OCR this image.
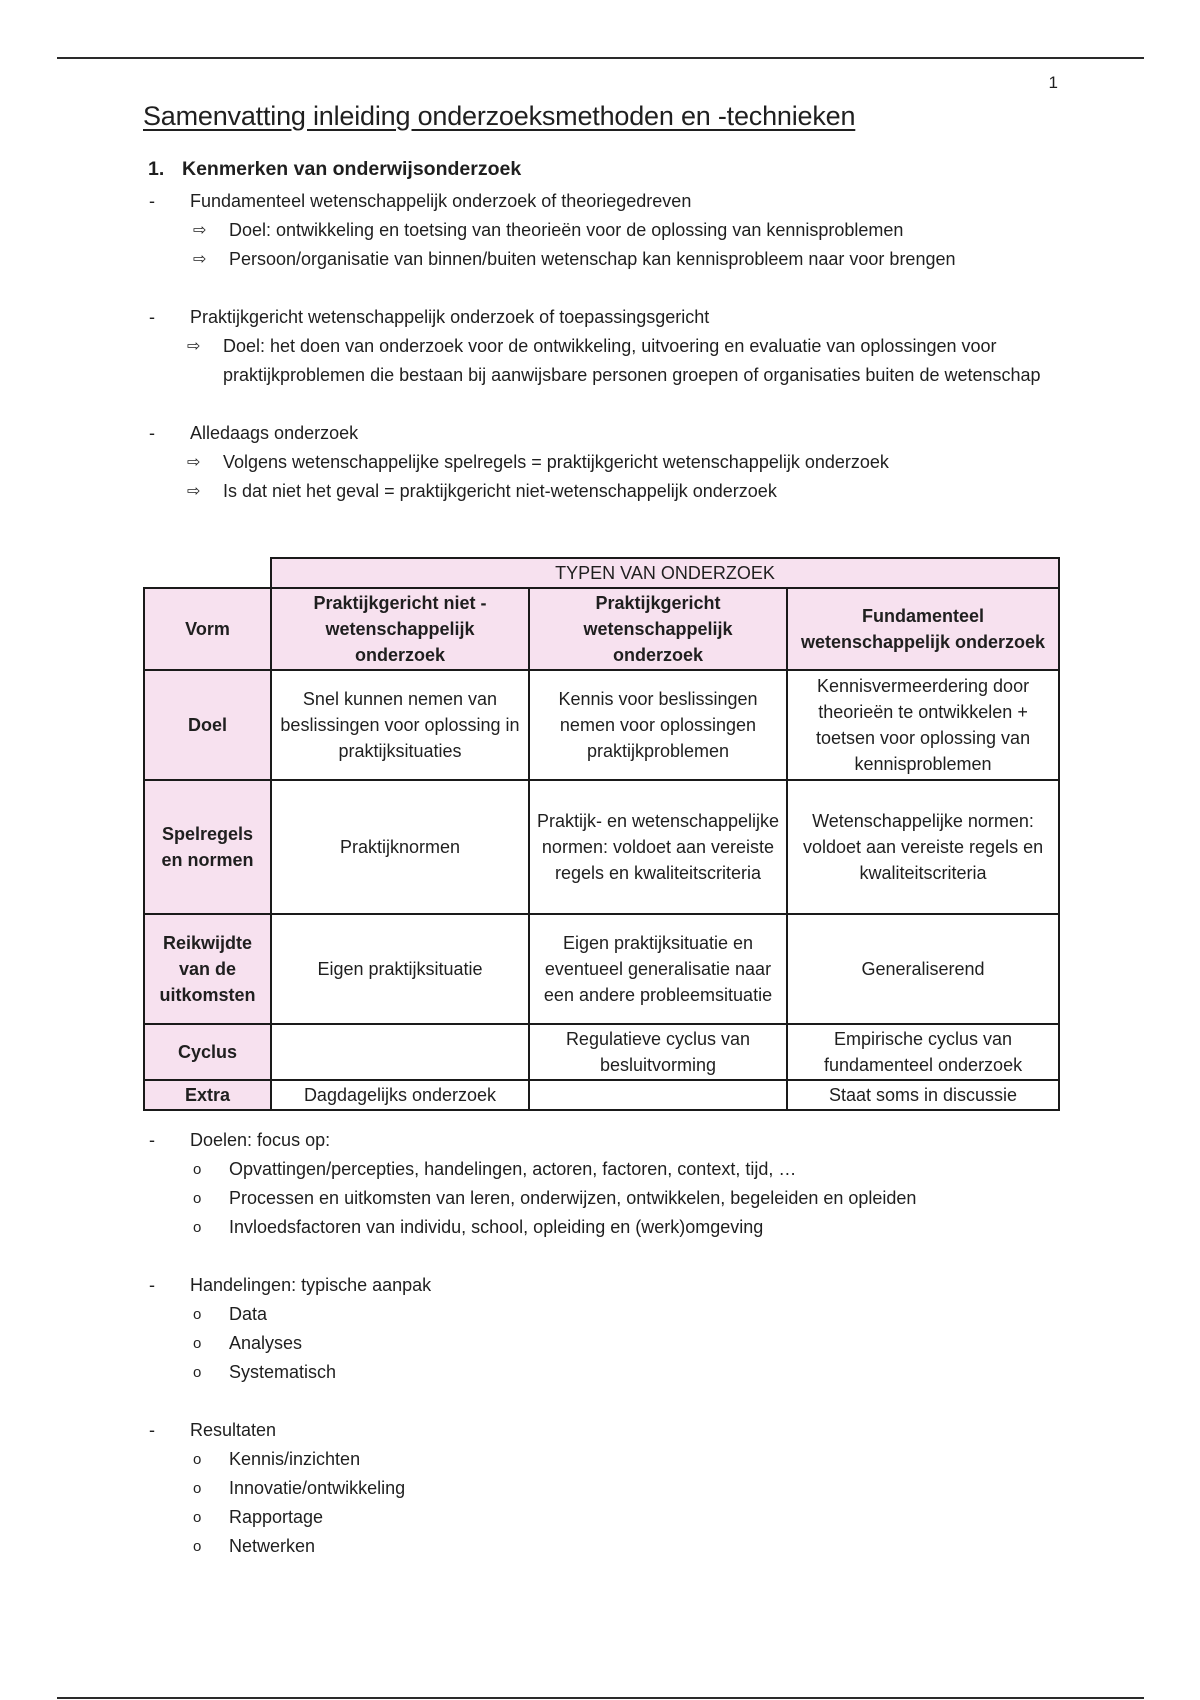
1
Samenvatting inleiding onderzoeksmethoden en -technieken
1. Kenmerken van onderwijsonderzoek
-	Fundamenteel wetenschappelijk onderzoek of theoriegedreven
⇨	Doel: ontwikkeling en toetsing van theorieën voor de oplossing van kennisproblemen
⇨	Persoon/organisatie van binnen/buiten wetenschap kan kennisprobleem naar voor brengen
-	Praktijkgericht wetenschappelijk onderzoek of toepassingsgericht
⇨	Doel: het doen van onderzoek voor de ontwikkeling, uitvoering en evaluatie van oplossingen voor praktijkproblemen die bestaan bij aanwijsbare personen groepen of organisaties buiten de wetenschap
-	Alledaags onderzoek
⇨	Volgens wetenschappelijke spelregels = praktijkgericht wetenschappelijk onderzoek
⇨	Is dat niet het geval = praktijkgericht niet-wetenschappelijk onderzoek
	TYPEN VAN ONDERZOEK		
Vorm	Praktijkgericht niet - wetenschappelijk onderzoek	Praktijkgericht wetenschappelijk onderzoek	Fundamenteel wetenschappelijk onderzoek
Doel	Snel kunnen nemen van beslissingen voor oplossing in praktijksituaties	Kennis voor beslissingen nemen voor oplossingen praktijkproblemen	Kennisvermeerdering door theorieën te ontwikkelen + toetsen voor oplossing van kennisproblemen
Spelregels en normen	Praktijknormen	Praktijk- en wetenschappelijke normen: voldoet aan vereiste regels en kwaliteitscriteria	Wetenschappelijke normen: voldoet aan vereiste regels en kwaliteitscriteria
Reikwijdte van de uitkomsten	Eigen praktijksituatie	Eigen praktijksituatie en eventueel generalisatie naar een andere probleemsituatie	Generaliserend
Cyclus		Regulatieve cyclus van besluitvorming	Empirische cyclus van fundamenteel onderzoek
Extra	Dagdagelijks onderzoek		Staat soms in discussie
-	Doelen: focus op:
o	Opvattingen/percepties, handelingen, actoren, factoren, context, tijd, …
o	Processen en uitkomsten van leren, onderwijzen, ontwikkelen, begeleiden en opleiden
o	Invloedsfactoren van individu, school, opleiding en (werk)omgeving
-	Handelingen: typische aanpak
o	Data
o	Analyses
o	Systematisch
-	Resultaten
o	Kennis/inzichten
o	Innovatie/ontwikkeling
o	Rapportage
o	Netwerken
